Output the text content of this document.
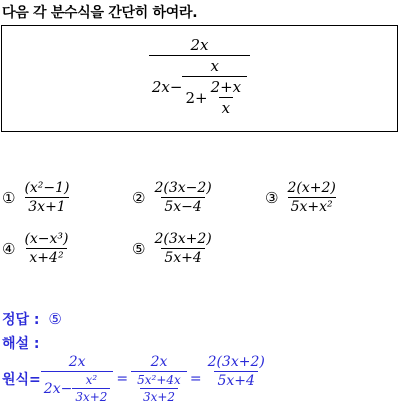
다음 각 분수식을 간단히 하여라.
2x
$2x- \frac{x}{2+ \frac{2+x}{x}}$
① $\frac{\text{(x²−1)}}{3x+1}$	② $\frac{2(3x-2)}{5x-4}$	③ $\frac{2(x+2)}{\text{5x+x²}}$
④ $\frac{\text{(x−x³)}}{\text{x+4²}}$	⑤ $\frac{2(3x+2)}{5x+4}$
정답 : ⑤
해설 :
원식= $\frac{2x}{2x- \frac{\text{x²}}{3x+2}} = \frac{2x}{\frac{\text{5x²+4x}}{3x+2}} = \frac{2(3x+2)}{5x+4}$
